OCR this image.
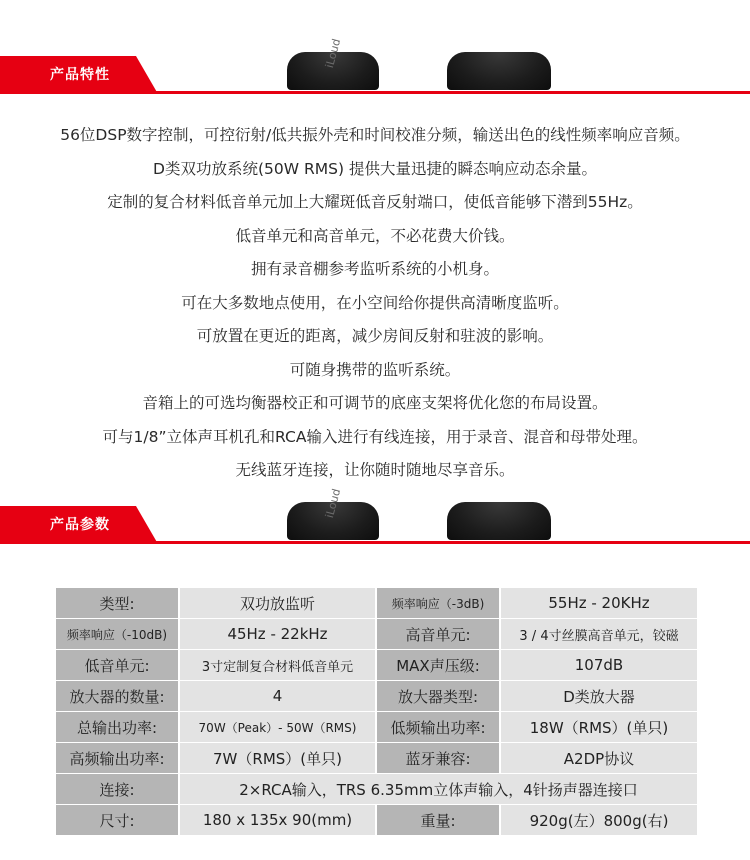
iLoud
产品特性
56位DSP数字控制，可控衍射/低共振外壳和时间校准分频，输送出色的线性频率响应音频。
D类双功放系统(50W RMS) 提供大量迅捷的瞬态响应动态余量。
定制的复合材料低音单元加上大耀斑低音反射端口，使低音能够下潜到55Hz。
低音单元和高音单元，不必花费大价钱。
拥有录音棚参考监听系统的小机身。
可在大多数地点使用，在小空间给你提供高清晰度监听。
可放置在更近的距离，减少房间反射和驻波的影响。
可随身携带的监听系统。
音箱上的可选均衡器校正和可调节的底座支架将优化您的布局设置。
可与1/8”立体声耳机孔和RCA输入进行有线连接，用于录音、混音和母带处理。
无线蓝牙连接，让你随时随地尽享音乐。
iLoud
产品参数
类型:	双功放监听	频率响应（-3dB)	55Hz - 20KHz
频率响应（-10dB)	45Hz - 22kHz	高音单元:	3 / 4寸丝膜高音单元，铰磁
低音单元:	3寸定制复合材料低音单元	MAX声压级:	107dB
放大器的数量:	4	放大器类型:	D类放大器
总输出功率:	70W（Peak）- 50W（RMS)	低频输出功率:	18W（RMS）(单只)
高频输出功率:	7W（RMS）(单只)	蓝牙兼容:	A2DP协议
连接:	2×RCA输入，TRS 6.35mm立体声输入，4针扬声器连接口		
尺寸:	180 x 135x 90(mm)	重量:	920g(左）800g(右)
